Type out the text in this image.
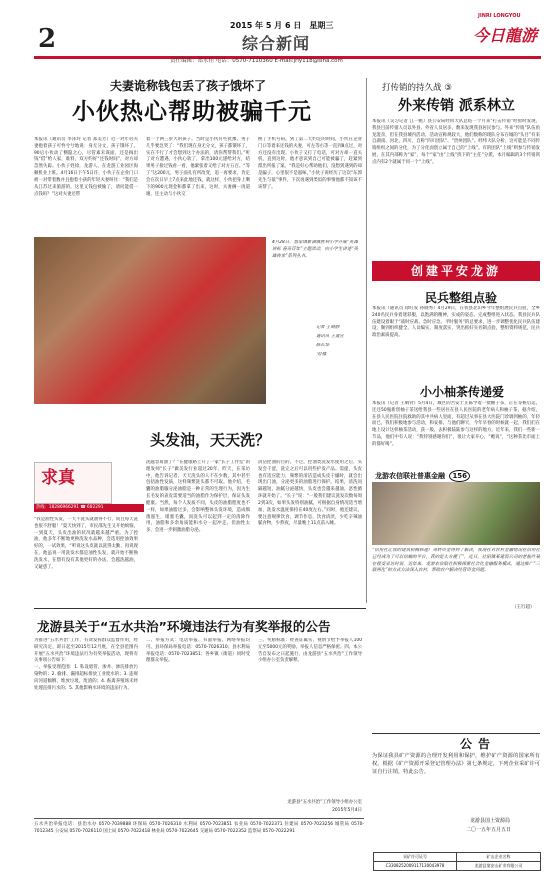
2	2015 年 5 月 6 日　星期三
综合新闻
JINRI LONGYOU
今日龍游
责任编辑：郑永佳 电话：0570-7110360 E-mail:jrly118@sina.com
夫妻诡称钱包丢了孩子饿坏了
小伙热心帮助被骗千元
本报讯（通讯员 李泽玲 记者 郑美芳）近一对年轻夫妻抱着孩子可怜兮兮地说：身无分文，孩子饿坏了。90后小伙动了侧隐之心，尽管素未谋面，还是掏出钱“借”给人家，谁料，双方约好“还钱时间”，对方却忽然失踪。小伙子姓徐，龙游人，在龙游工业园区海顿机业上班。4月16日下午5日许，小伙子在企业门口被一对带着数并且抱着小孩的年轻夫妻叫住：“我们是从江苏过来旅游的，这里又钱包被偷了，请问能借一点钱吗？”这对夫妻还带
着一个两三岁大的孩子。当时是小伙有些犹豫，男子几乎要急哭了：“我们现在身无分文，孩子都饿坏了，实在不行了才会想到这个办法的，请你帮帮我们。”听了对方遭遇，小伙心软了，拿出100元递给对方，结果男子接过钱看一看，他紧张着又给了对方五百。“等了”这200元，男子面孔有所改变，追一再要求，肯定会在次日早上7点来此地还钱，就这样，小伙把身上剩下的900元现金和都拿了出来，这时，夫妻俩一再道谢，还主动与小伙交
换了手机号码。到了第二天约定的时间，小伙在企业门口等着来还钱的夫妻，可左等右等一直到8点过，对方还没有出现。小伙子又打了电话，可对方却一直关机，直到这时，他才意识到自己可能被骗了，赶紧到派出所报了案。“我是好心帮助他们，没想到遇到的却是骗子，心里很不是滋味，”小伙子说经历了这次“东郭先生与狼”事件，下次再遇到类似的事情他都不知该不该帮了。
4月28日，詹家镇新湖镇胜利小学开展“英雄讲标 春奇百年”主题活动，向小学生讲述“英雄传承”系列丛书。
记者 王晓静
通讯员 王道宣
陈长华
文/摄
头发油，天天洗？
求真
热线：18286966291 ☎ 682291
“我是油性头发，一天不洗头就油得不行，而且每天洗也很不舒服！”夏天快到了，市民邵先生又开始烦恼，一到夏天，头皮出油的状况就越来越严重。为了控油，他多年不断地更换洗发水品种，会选用控油效果好的，一试效果，“听说这头皮就以洗得太勤，再说现在，他虽说一用洗发水都是油性头发，就开始不断换洗发水，在想有没有其他更好的办法，会越洗越油，又疑惑了。
洗越容易油了？”在健康路上开了一家“长子工作室”的理发师“长子”做美发行业超过20年，昨天，在采访中，他告诉记者，天天洗头的人不在少数，其中甚至包括油性发质，这样频繁洗头都不可取。他介绍，毛囊的油脂腺分泌油脂是一种正常的生理行为，因为生长毛发的表皮需要适当的油脂作为保护层，保证头发健康。当然，每个人发质不同，头皮的油脂程度也不一样，如果油脂过多，会影响整体头发环境，造成细菌滋生，堵塞毛囊，而洗头可以起到一定的清除作用，油脂和多余角质能和水分一起冲走。但油性太多，会进一步刺激油脂分泌。
清洁控油的目的。不过，控油类洗发水使用之后，头发会干涩，洗完之后可以用些护发产品。需提，头皮也有适应能力，频繁的清洁造成头皮干燥时，就会出现出门油，分泌更多的油脂进行保护。结果，清洗问隔越短，油腻分泌越快，头皮也会越来越油，恶性循环就开始了。“长子”说：“一般我们建议洗发次数每周2到3次，如果头发特别油腻，可根据自身情况适当增加，洗发水温度保持在40度左右。”同时，他还建议，要注意规律饮食，调节作息，饮食清淡，少吃辛辣油腻食物，少熬夜，尽量晚上11点前入睡。
打传销的持久战 ③
外来传销 派系林立
本报讯（吴习记者 江一帆）县公安局经侦大队总结一个月来“打击传销”经验时发现，我县目前传销人员以外县、外省人员居多，数来发现我县居民参与。外来“传销”队伍鱼龙混杂，但在我县城内活动，活动宣称规较大，他们数称的现队分布在城的“头目”有来自湖南、河北、四川，自称“四川团队”、“贵州团队”。经纬大队分析，这可能是不同传销组织之间的分化，为了分化而创立属于自己的“上线”。有的团队“上线”则参与传销发展，在其内部称为“家”，每个“家”由“上线”找下的“主任”分派，本月编辑的3个传销窝点内有2个就属于同一个“上线”。
创建平安龙游
民兵整组点验
本报讯（通讯员 徐旺发 孙晓秀）4月29日，在我县北山乡今年整组展民兵点验，全乡240名民兵身着迷彩服，以饱满的精神，实成的姿态，完成整组进入状态。我县民兵队伍建设着眼于“战时应战、急时应急、平时服务”的总要求，进一步调整优化民兵队伍建设，顺到组织健全、人员编实、制度落实，突出抓好实名制点验，整组资料规范，民兵政治素质提高。
小小柚茶传递爱
本报讯（记者 王晴铃）5月4日，城区的苦安士正陈学着一批柚子茶，正在等候启运，还还50瓶新创柚子茶送给我县一些居住在县人民医院的老年病人和柚子茶，据介绍，在县人民医院住院救助的其中共病人里面，有超过从事在县大医院门诊调到柚的，年轻而已，我们积极地参与活动，和安排、与他们聊天，今年早春的时候就一起，我们们在地上设计这样柚茶活动，获一般、去积极陆陆参与这样的地方，近年来，我们一些新一节品，他们中有人说：“我特别感谢你们”，很让大家开心，“她说”，“这种茶比市面上的都好喝”。
龙游农信联社普惠金融 156
“信用社让我的建筑机械修理厂周转资金得到了解决，我现在对农村金融情况在信用社已经成为了可以信赖的平台，真的是太方便了”，近日，社阳镇某建筑公司的老板叶某在接受采访时说，近年来，龙游农信联社积极探索社会化金融服务模式，通过推广“三联两化”的方式方法深入农村，帮助农户解决经营资金问题。
（王行超）
龙游县关于“五水共治”环境违法行为有奖举报的公告
为推进“五水共治”工作，有效发挥群众监督作用，经研究决定，即日起至2015年12月底，在全县范围内开展“五水共治”环境违法行为有奖举报活动，现将有关事项公告如下：
一、举报受理范围：1. 私设暗管、渗井、渗坑排放污染物的；2. 偷排、漏排超标排放工业废水的；3. 违规向河道倾倒、堆放垃圾、废渣的；4. 畜禽养殖场未经处理直排污水的；5. 其他影响水环境的违法行为。
二、举报方式：电话举报、书面举报、网络举报均可。县环保局举报电话：0570-7026310；县水利局举报电话：0570-7023851；各乡镇（街道）同时受理群众举报。
三、奖励标准：经查证属实，视情节给予举报人100元至5000元的奖励。举报人信息严格保密。四、本公告自发布之日起施行，由龙游县“五水共治”工作领导小组办公室负责解释。
龙游县“五水共治”工作领导小组办公室
2015年5月4日
五水共治举报电话：县治水办 0570-7039888 环保局 0570-7026310 水利局 0570-7023851 农业局 0570-7022371 住建局 0570-7023256 城管局 0570-7012345 公安局 0570-7026110 国土局 0570-7022418 林业局 0570-7022645 交通局 0570-7022352 监察局 0570-7022291
公告
为保证我县矿产资源的合理开发利用和保护，维护矿产资源的国家所有权，根据《矿产资源开采登记管理办法》第七条规定，下列企业采矿许可证自行注销，特此公告。
龙游县国土资源局
二〇一五年五月五日
采矿许可证号	矿山企业名称
C3308252009117130043978	龙游县第安山矿业有限公司
